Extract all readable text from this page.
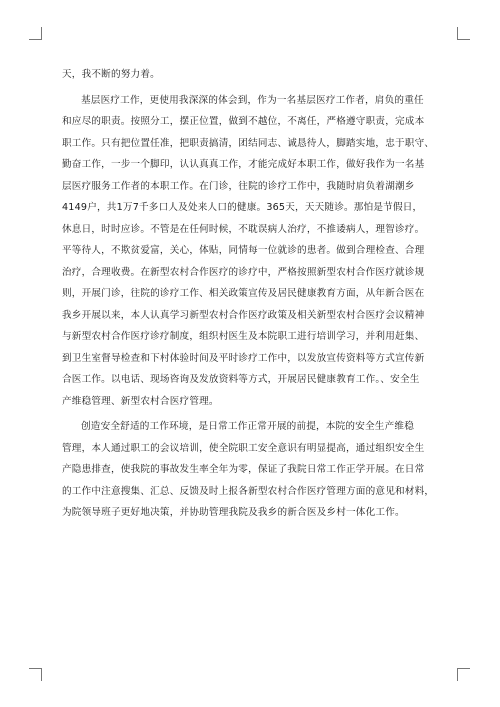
天，我不断的努力着。
基层医疗工作，更使用我深深的体会到，作为一名基层医疗工作者，肩负的重任
和应尽的职责。按照分工，摆正位置，做到不越位，不离任，严格遵守职责，完成本
职工作。只有把位置任准，把职责搞清，团结同志、诚恳待人，脚踏实地，忠于职守、
勤奋工作，一步一个脚印，认认真真工作，才能完成好本职工作，做好我作为一名基
层医疗服务工作者的本职工作。在门诊，往院的诊疗工作中，我随时肩负着湖潮乡
4149户，共1万7千多口人及处来人口的健康。365天，天天随诊。那怕是节假日，
休息日，时时应诊。不管是在任何时候，不耽误病人治疗，不推诿病人，理智诊疗。
平等待人，不欺贫爱富，关心，体贴，同情每一位就诊的患者。做到合理检查、合理
治疗，合理收费。在新型农村合作医疗的诊疗中，严格按照新型农村合作医疗就诊规
则，开展门诊，往院的诊疗工作、相关政策宣传及居民健康教育方面，从年新合医在
我乡开展以来，本人认真学习新型农村合作医疗政策及相关新型农村合医疗会议精神
与新型农村合作医疗诊疗制度，组织村医生及本院职工进行培训学习，并利用赶集、
到卫生室督导检查和下村体验时间及平时诊疗工作中，以发放宣传资料等方式宣传新
合医工作。以电话、现场咨询及发放资料等方式，开展居民健康教育工作。、安全生
产维稳管理、新型农村合医疗管理。
创造安全舒适的工作环境，是日常工作正常开展的前提，本院的安全生产维稳
管理，本人通过职工的会议培训，使全院职工安全意识有明显提高，通过组织安全生
产隐患排查，使我院的事故发生率全年为零，保证了我院日常工作正学开展。在日常
的工作中注意搜集、汇总、反馈及时上报各新型农村合作医疗管理方面的意见和材料，
为院领导班子更好地决策，并协助管理我院及我乡的新合医及乡村一体化工作。
